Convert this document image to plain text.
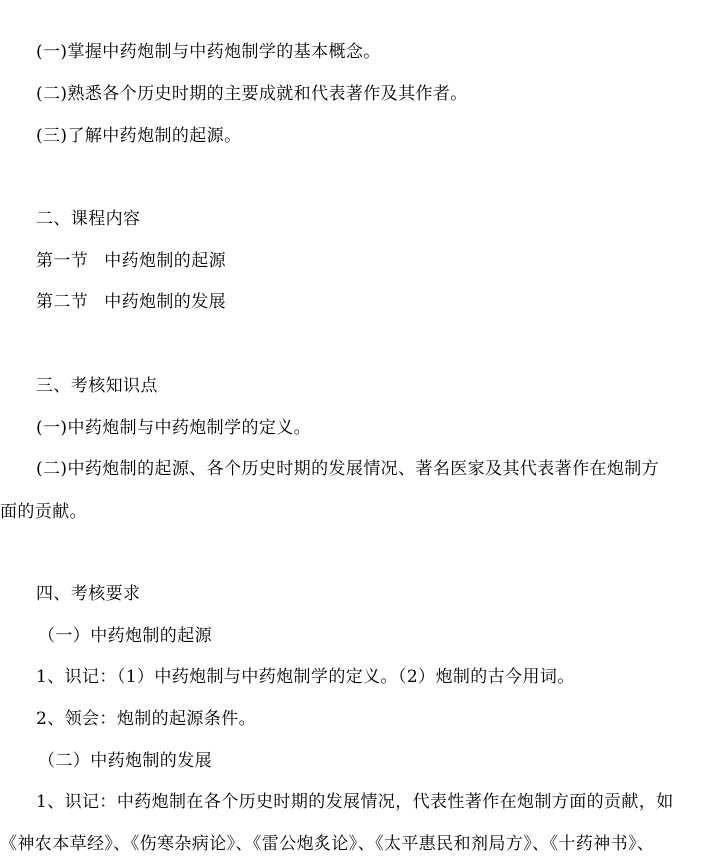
(一)掌握中药炮制与中药炮制学的基本概念。
(二)熟悉各个历史时期的主要成就和代表著作及其作者。
(三)了解中药炮制的起源。
二、课程内容
第一节 中药炮制的起源
第二节 中药炮制的发展
三、考核知识点
(一)中药炮制与中药炮制学的定义。
(二)中药炮制的起源、各个历史时期的发展情况、著名医家及其代表著作在炮制方
面的贡献。
四、考核要求
（一）中药炮制的起源
1、识记：（1）中药炮制与中药炮制学的定义。（2）炮制的古今用词。
2、领会：炮制的起源条件。
（二）中药炮制的发展
1、识记：中药炮制在各个历史时期的发展情况，代表性著作在炮制方面的贡献，如
《神农本草经》、《伤寒杂病论》、《雷公炮炙论》、《太平惠民和剂局方》、《十药神书》、
